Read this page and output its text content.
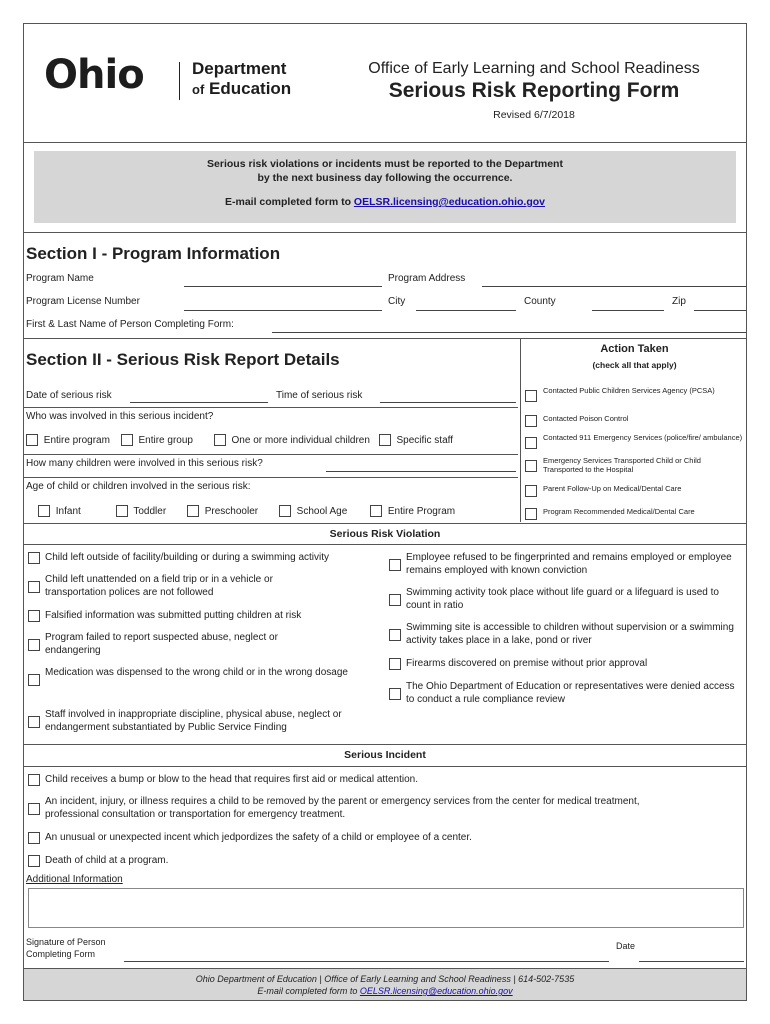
Ohio	Department
of Education
Office of Early Learning and School Readiness
Serious Risk Reporting Form
Revised 6/7/2018
Serious risk violations or incidents must be reported to the Department
by the next business day following the occurrence.
E-mail completed form to OELSR.licensing@education.ohio.gov
Section I - Program Information
Program Name	Program Address
Program License Number	City	County	Zip
First & Last Name of Person Completing Form:
Section II - Serious Risk Report Details
Date of serious risk	Time of serious risk
Who was involved in this serious incident?
Entire program	Entire group	One or more individual children	Specific staff
How many children were involved in this serious risk?
Age of child or children involved in the serious risk:
Infant	Toddler	Preschooler	School Age	Entire Program
Action Taken
(check all that apply)
Contacted Public Children Services Agency (PCSA)
Contacted Poison Control
Contacted 911 Emergency Services (police/fire/ ambulance)
Emergency Services Transported Child or Child Transported to the Hospital
Parent Follow-Up on Medical/Dental Care
Program Recommended Medical/Dental Care
Serious Risk Violation
Child left outside of facility/building or during a swimming activity
Child left unattended on a field trip or in a vehicle or transportation polices are not followed
Falsified information was submitted putting children at risk
Program failed to report suspected abuse, neglect or endangering
Medication was dispensed to the wrong child or in the wrong dosage
Staff involved in inappropriate discipline, physical abuse, neglect or endangerment substantiated by Public Service Finding
Employee refused to be fingerprinted and remains employed or employee remains employed with known conviction
Swimming activity took place without life guard or a lifeguard is used to count in ratio
Swimming site is accessible to children without supervision or a swimming activity takes place in a lake, pond or river
Firearms discovered on premise without prior approval
The Ohio Department of Education or representatives were denied access to conduct a rule compliance review
Serious Incident
Child receives a bump or blow to the head that requires first aid or medical attention.
An incident, injury, or illness requires a child to be removed by the parent or emergency services from the center for medical treatment, professional consultation or transportation for emergency treatment.
An unusual or unexpected incent which jedpordizes the safety of a child or employee of a center.
Death of child at a program.
Additional Information
Signature of Person Completing Form
Date
Ohio Department of Education | Office of Early Learning and School Readiness | 614-502-7535
E-mail completed form to OELSR.licensing@education.ohio.gov
